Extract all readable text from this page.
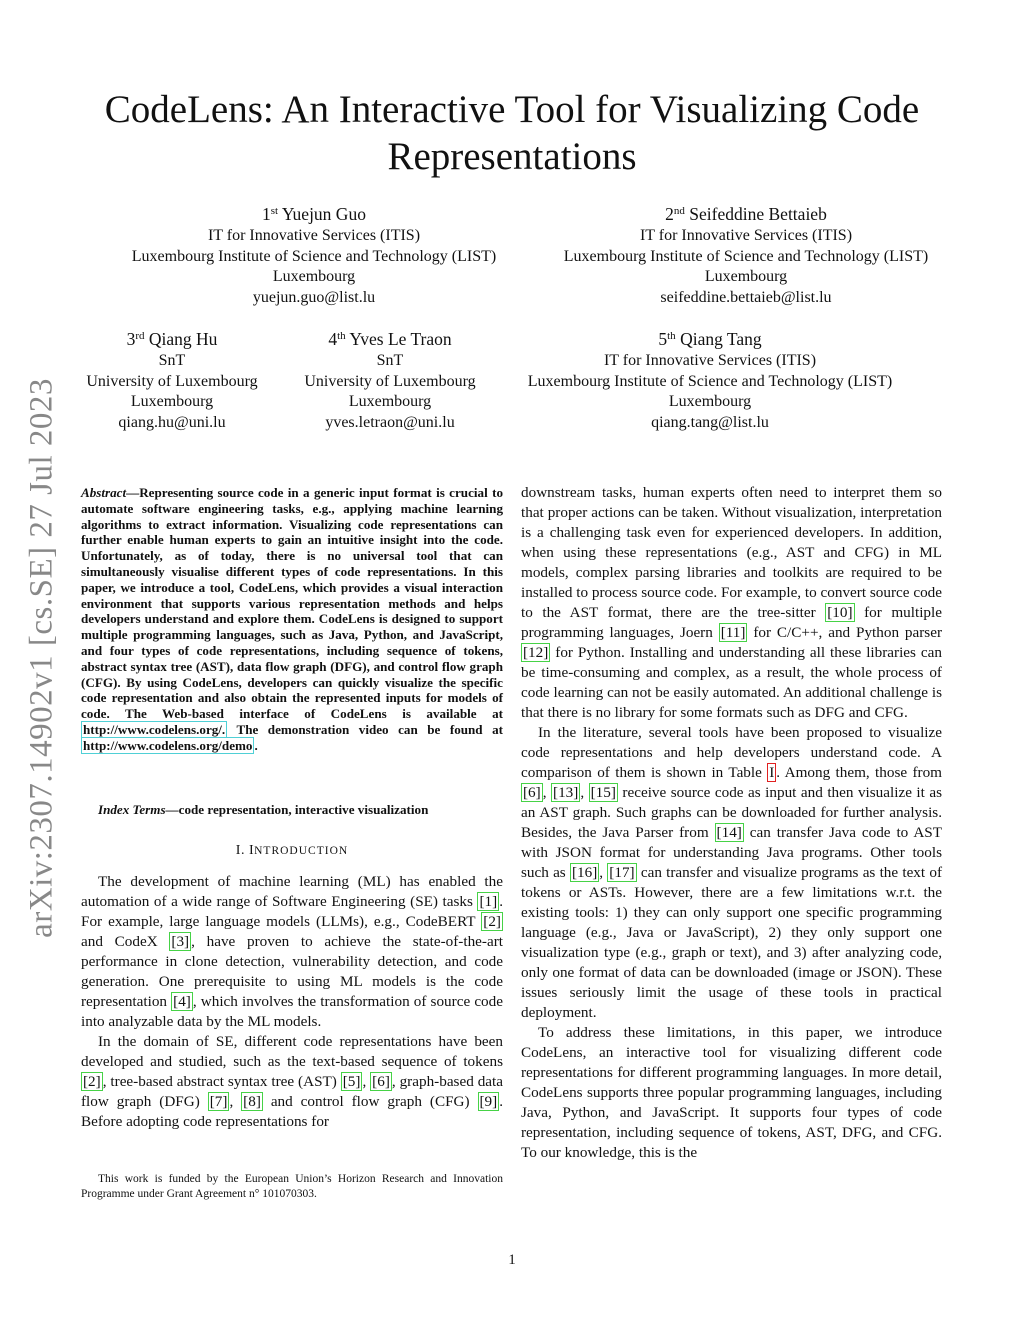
CodeLens: An Interactive Tool for Visualizing Code Representations
arXiv:2307.14902v1 [cs.SE] 27 Jul 2023
1st Yuejun Guo
IT for Innovative Services (ITIS)
Luxembourg Institute of Science and Technology (LIST)
Luxembourg
yuejun.guo@list.lu
2nd Seifeddine Bettaieb
IT for Innovative Services (ITIS)
Luxembourg Institute of Science and Technology (LIST)
Luxembourg
seifeddine.bettaieb@list.lu
3rd Qiang Hu
SnT
University of Luxembourg
Luxembourg
qiang.hu@uni.lu
4th Yves Le Traon
SnT
University of Luxembourg
Luxembourg
yves.letraon@uni.lu
5th Qiang Tang
IT for Innovative Services (ITIS)
Luxembourg Institute of Science and Technology (LIST)
Luxembourg
qiang.tang@list.lu
Abstract—Representing source code in a generic input format is crucial to automate software engineering tasks, e.g., applying machine learning algorithms to extract information. Visualizing code representations can further enable human experts to gain an intuitive insight into the code. Unfortunately, as of today, there is no universal tool that can simultaneously visualise different types of code representations. In this paper, we introduce a tool, CodeLens, which provides a visual interaction environment that supports various representation methods and helps developers understand and explore them. CodeLens is designed to support multiple programming languages, such as Java, Python, and JavaScript, and four types of code representations, including sequence of tokens, abstract syntax tree (AST), data flow graph (DFG), and control flow graph (CFG). By using CodeLens, developers can quickly visualize the specific code representation and also obtain the represented inputs for models of code. The Web-based interface of CodeLens is available at http://www.codelens.org/. The demonstration video can be found at http://www.codelens.org/demo .
Index Terms—code representation, interactive visualization
I. INTRODUCTION

The development of machine learning (ML) has enabled the automation of a wide range of Software Engineering (SE) tasks [1] . For example, large language models (LLMs), e.g., CodeBERT [2] and CodeX [3] , have proven to achieve the state-of-the-art performance in clone detection, vulnerability detection, and code generation. One prerequisite to using ML models is the code representation [4] , which involves the transformation of source code into analyzable data by the ML models.

In the domain of SE, different code representations have been developed and studied, such as the text-based sequence of tokens [2] , tree-based abstract syntax tree (AST) [5] , [6] , graph-based data flow graph (DFG) [7] , [8] and control flow graph (CFG) [9] . Before adopting code representations for

This work is funded by the European Union’s Horizon Research and Innovation Programme under Grant Agreement n° 101070303.

downstream tasks, human experts often need to interpret them so that proper actions can be taken. Without visualization, interpretation is a challenging task even for experienced developers. In addition, when using these representations (e.g., AST and CFG) in ML models, complex parsing libraries and toolkits are required to be installed to process source code. For example, to convert source code to the AST format, there are the tree-sitter [10] for multiple programming languages, Joern [11] for C/C++, and Python parser [12] for Python. Installing and understanding all these libraries can be time-consuming and complex, as a result, the whole process of code learning can not be easily automated. An additional challenge is that there is no library for some formats such as DFG and CFG.

In the literature, several tools have been proposed to visualize code representations and help developers understand code. A comparison of them is shown in Table I . Among them, those from [6] , [13] , [15] receive source code as input and then visualize it as an AST graph. Such graphs can be downloaded for further analysis. Besides, the Java Parser from [14] can transfer Java code to AST with JSON format for understanding Java programs. Other tools such as [16] , [17] can transfer and visualize programs as the text of tokens or ASTs. However, there are a few limitations w.r.t. the existing tools: 1) they can only support one specific programming language (e.g., Java or JavaScript), 2) they only support one visualization type (e.g., graph or text), and 3) after analyzing code, only one format of data can be downloaded (image or JSON). These issues seriously limit the usage of these tools in practical deployment.

To address these limitations, in this paper, we introduce CodeLens, an interactive tool for visualizing different code representations for different programming languages. In more detail, CodeLens supports three popular programming languages, including Java, Python, and JavaScript. It supports four types of code representation, including sequence of tokens, AST, DFG, and CFG. To our knowledge, this is the

1
